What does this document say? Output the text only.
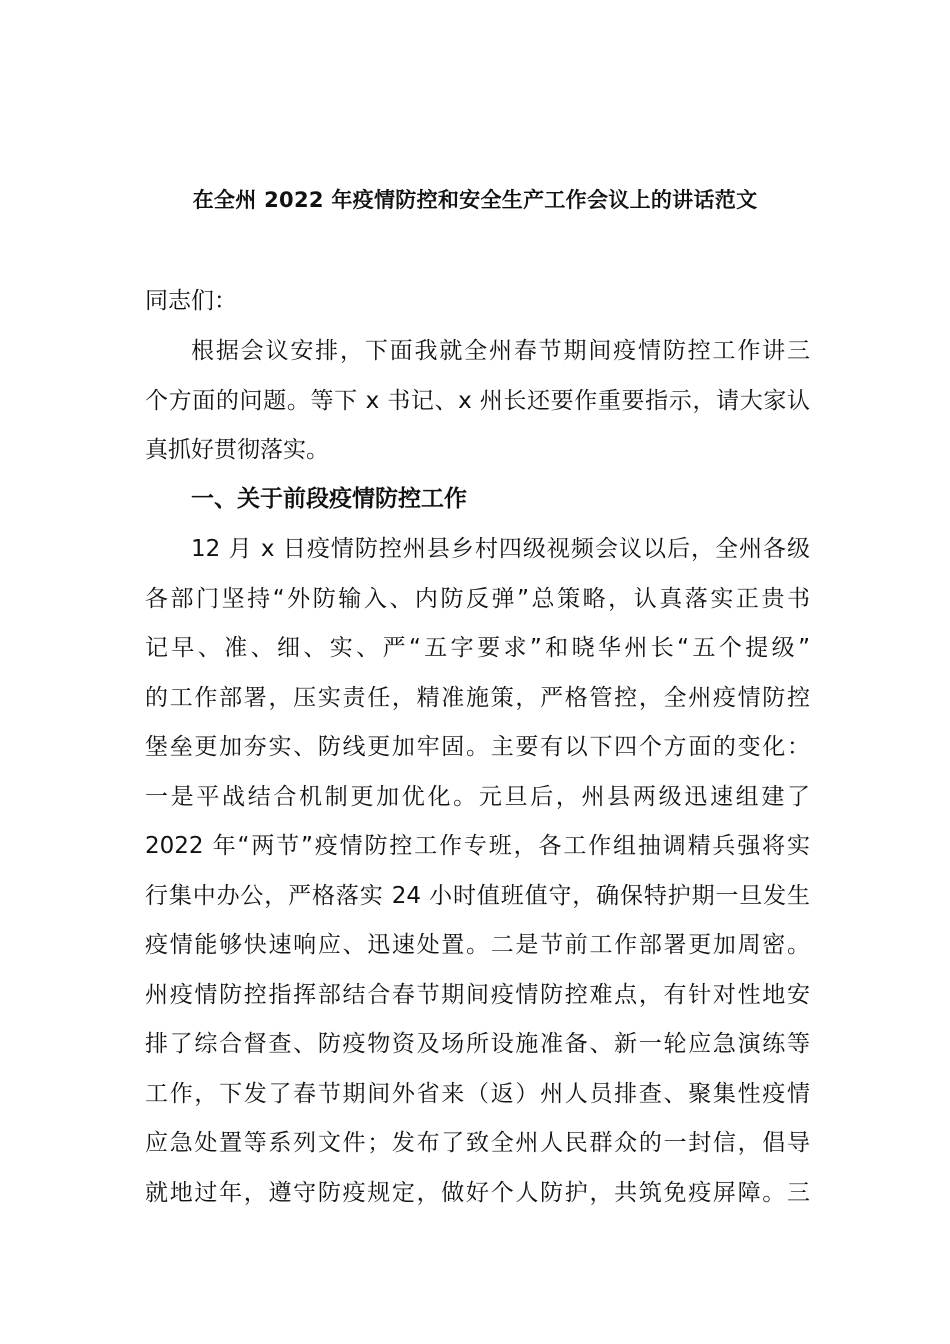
在全州 2022 年疫情防控和安全生产工作会议上的讲话范文
同志们：
根据会议安排，下面我就全州春节期间疫情防控工作讲三
个方面的问题。等下 x 书记、x 州长还要作重要指示，请大家认
真抓好贯彻落实。
一、关于前段疫情防控工作
12 月 x 日疫情防控州县乡村四级视频会议以后，全州各级
各部门坚持“外防输入、内防反弹”总策略，认真落实正贵书
记早、准、细、实、严“五字要求”和晓华州长“五个提级”
的工作部署，压实责任，精准施策，严格管控，全州疫情防控
堡垒更加夯实、防线更加牢固。主要有以下四个方面的变化：
一是平战结合机制更加优化。元旦后，州县两级迅速组建了
2022 年“两节”疫情防控工作专班，各工作组抽调精兵强将实
行集中办公，严格落实 24 小时值班值守，确保特护期一旦发生
疫情能够快速响应、迅速处置。二是节前工作部署更加周密。
州疫情防控指挥部结合春节期间疫情防控难点，有针对性地安
排了综合督查、防疫物资及场所设施准备、新一轮应急演练等
工作，下发了春节期间外省来（返）州人员排查、聚集性疫情
应急处置等系列文件；发布了致全州人民群众的一封信，倡导
就地过年，遵守防疫规定，做好个人防护，共筑免疫屏障。三
